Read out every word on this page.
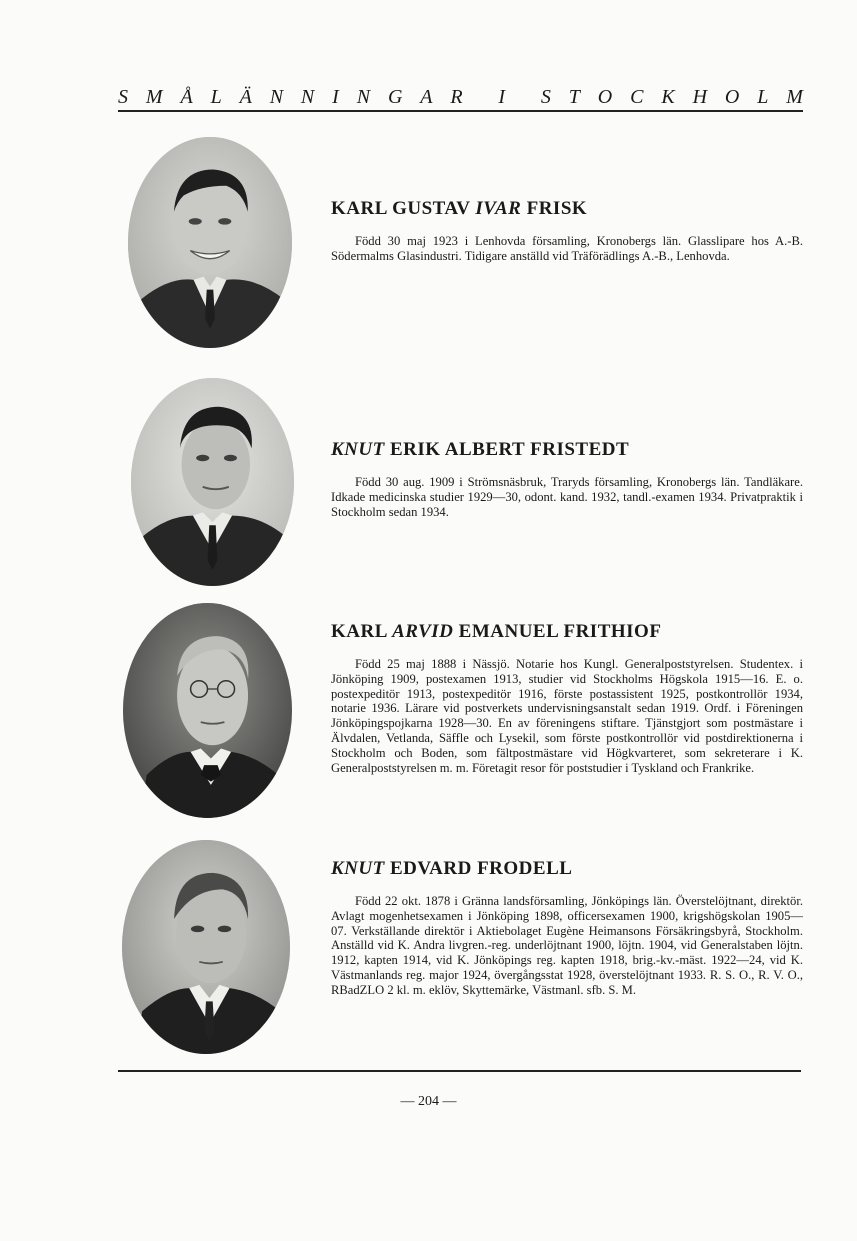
S M Å L Ä N N I N G A R I S T O C K H O L M
KARL GUSTAV IVAR FRISK

Född 30 maj 1923 i Lenhovda församling, Kronobergs län. Glasslipare hos A.-B. Södermalms Glasindustri. Tidigare anställd vid Träförädlings A.-B., Lenhovda.

KNUT ERIK ALBERT FRISTEDT

Född 30 aug. 1909 i Strömsnäsbruk, Traryds församling, Kronobergs län. Tandläkare. Idkade medicinska studier 1929—30, odont. kand. 1932, tandl.-examen 1934. Privatpraktik i Stockholm sedan 1934.

KARL ARVID EMANUEL FRITHIOF

Född 25 maj 1888 i Nässjö. Notarie hos Kungl. Generalpoststyrelsen. Studentex. i Jönköping 1909, postexamen 1913, studier vid Stockholms Högskola 1915—16. E. o. postexpeditör 1913, postexpeditör 1916, förste postassistent 1925, postkontrollör 1934, notarie 1936. Lärare vid postverkets undervisningsanstalt sedan 1919. Ordf. i Föreningen Jönköpingspojkarna 1928—30. En av föreningens stiftare. Tjänstgjort som postmästare i Älvdalen, Vetlanda, Säffle och Lysekil, som förste postkontrollör vid postdirektionerna i Stockholm och Boden, som fältpostmästare vid Högkvarteret, som sekreterare i K. Generalpoststyrelsen m. m. Företagit resor för poststudier i Tyskland och Frankrike.

KNUT EDVARD FRODELL

Född 22 okt. 1878 i Gränna landsförsamling, Jönköpings län. Överstelöjtnant, direktör. Avlagt mogenhetsexamen i Jönköping 1898, officersexamen 1900, krigshögskolan 1905—07. Verkställande direktör i Aktiebolaget Eugène Heimansons Försäkringsbyrå, Stockholm. Anställd vid K. Andra livgren.-reg. underlöjtnant 1900, löjtn. 1904, vid Generalstaben löjtn. 1912, kapten 1914, vid K. Jönköpings reg. kapten 1918, brig.-kv.-mäst. 1922—24, vid K. Västmanlands reg. major 1924, övergångsstat 1928, överstelöjtnant 1933. R. S. O., R. V. O., RBadZLO 2 kl. m. eklöv, Skyttemärke, Västmanl. sfb. S. M.

— 204 —
